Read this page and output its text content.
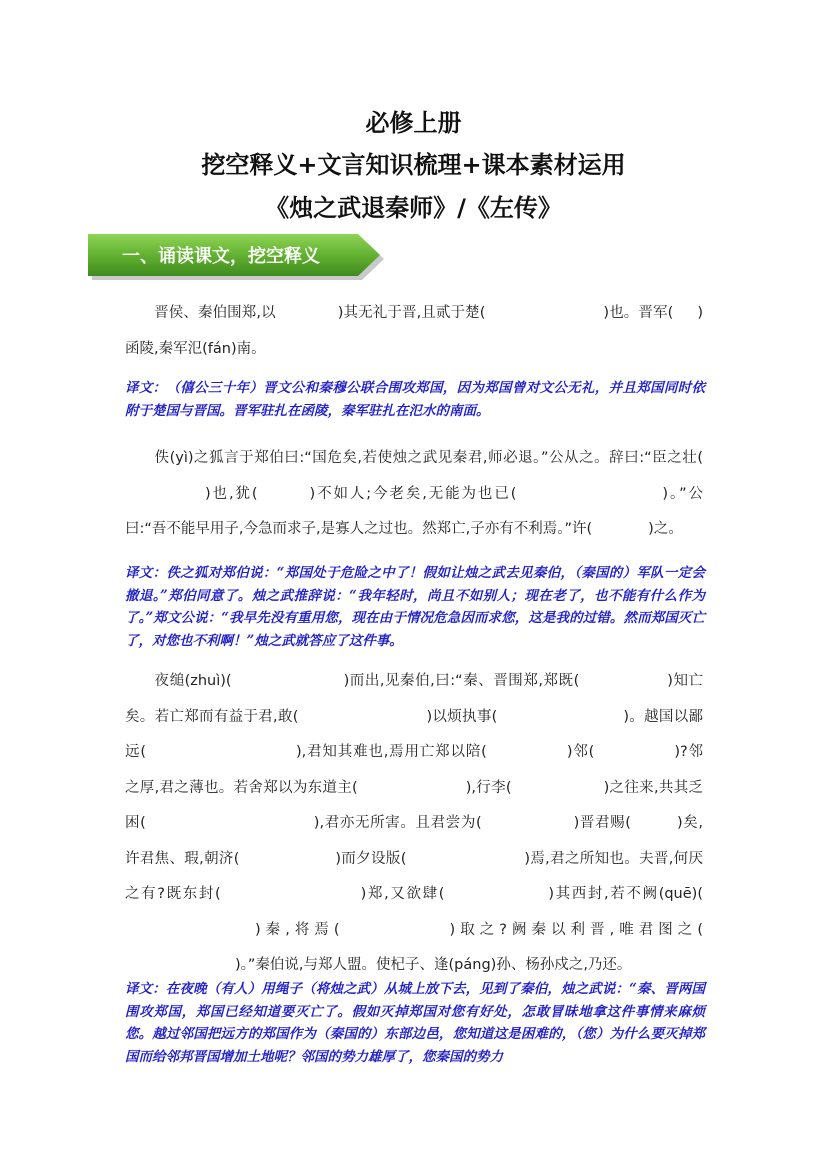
必修上册
挖空释义+文言知识梳理+课本素材运用
《烛之武退秦师》/《左传》
一、诵读课文，挖空释义

晋侯、秦伯围郑,以	)其无礼于晋,且贰于楚(	)也。晋军( )函陵,秦军氾(fán)南。

译文：（僖公三十年）晋文公和秦穆公联合围攻郑国，因为郑国曾对文公无礼，并且郑国同时依附于楚国与晋国。晋军驻扎在函陵，秦军驻扎在氾水的南面。

佚(yì)之狐言于郑伯曰:“国危矣,若使烛之武见秦君,师必退。”公从之。辞曰:“臣之壮()也,犹(	)不如人;今老矣,无能为也已(	)。”公曰:“吾不能早用子,今急而求子,是寡人之过也。然郑亡,子亦有不利焉。”许(	)之。

译文：佚之狐对郑伯说：“郑国处于危险之中了！假如让烛之武去见秦伯，（秦国的）军队一定会撤退。”郑伯同意了。烛之武推辞说：“我年轻时，尚且不如别人；现在老了，也不能有什么作为了。”郑文公说：“我早先没有重用您，现在由于情况危急因而求您，这是我的过错。然而郑国灭亡了，对您也不利啊！”烛之武就答应了这件事。

夜缒(zhuì)(	)而出,见秦伯,曰:“秦、晋围郑,郑既(	)知亡矣。若亡郑而有益于君,敢(	)以烦执事(	)。越国以鄙远(	),君知其难也,焉用亡郑以陪(	)邻(	)?邻之厚,君之薄也。若舍郑以为东道主(	),行李(	)之往来,共其乏困(	),君亦无所害。且君尝为(	)晋君赐(	)矣,许君焦、瑕,朝济(	)而夕设版(	)焉,君之所知也。夫晋,何厌之有?既东封(	)郑,又欲肆(	)其西封,若不阙(quē)()秦,将焉(	)取之?阙秦以利晋,唯君图之()。”秦伯说,与郑人盟。使杞子、逢(páng)孙、杨孙戍之,乃还。

译文：在夜晚（有人）用绳子（将烛之武）从城上放下去，见到了秦伯，烛之武说：“秦、晋两国围攻郑国，郑国已经知道要灭亡了。假如灭掉郑国对您有好处，怎敢冒昧地拿这件事情来麻烦您。越过邻国把远方的郑国作为（秦国的）东部边邑，您知道这是困难的，（您）为什么要灭掉郑国而给邻邦晋国增加土地呢？邻国的势力雄厚了，您秦国的势力
